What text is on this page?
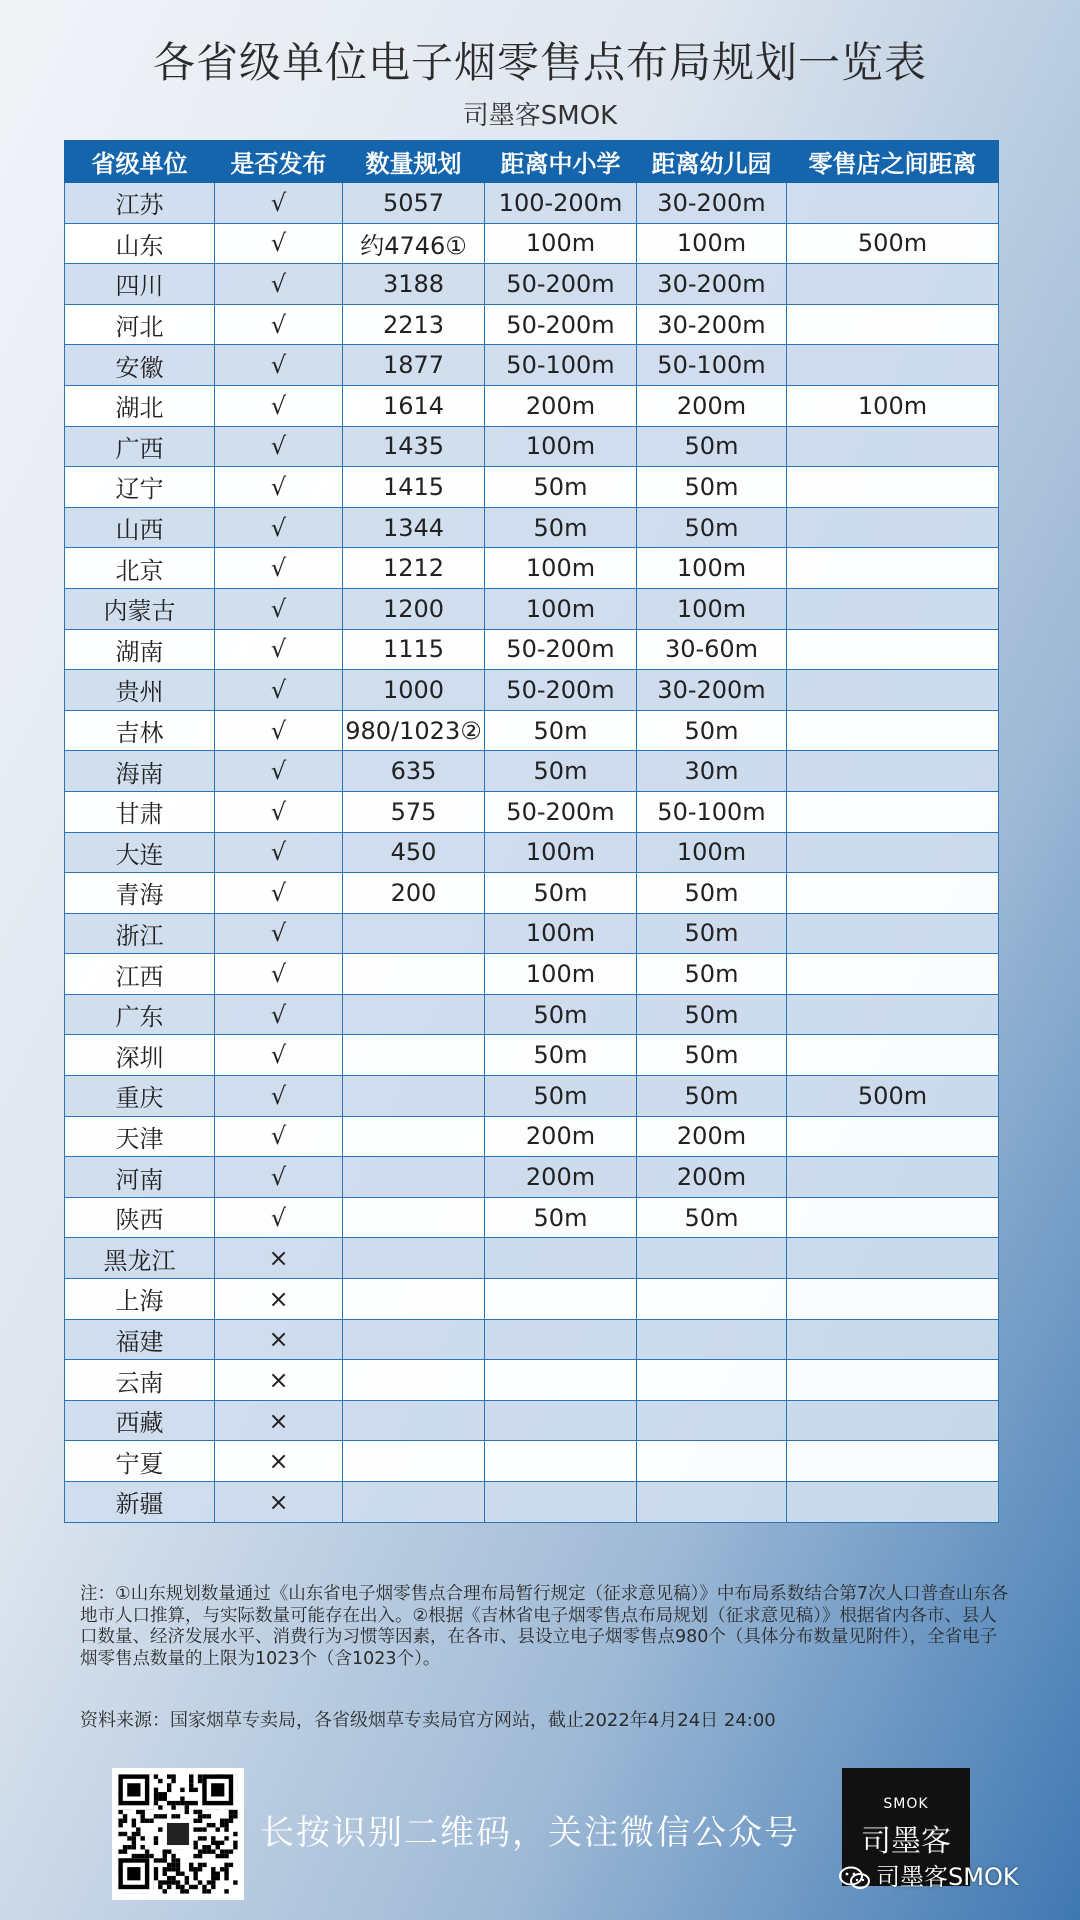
各省级单位电子烟零售点布局规划一览表
司墨客SMOK
省级单位	是否发布	数量规划	距离中小学	距离幼儿园	零售店之间距离
江苏	√	5057	100-200m	30-200m	
山东	√	约4746①	100m	100m	500m
四川	√	3188	50-200m	30-200m	
河北	√	2213	50-200m	30-200m	
安徽	√	1877	50-100m	50-100m	
湖北	√	1614	200m	200m	100m
广西	√	1435	100m	50m	
辽宁	√	1415	50m	50m	
山西	√	1344	50m	50m	
北京	√	1212	100m	100m	
内蒙古	√	1200	100m	100m	
湖南	√	1115	50-200m	30-60m	
贵州	√	1000	50-200m	30-200m	
吉林	√	980/1023②	50m	50m	
海南	√	635	50m	30m	
甘肃	√	575	50-200m	50-100m	
大连	√	450	100m	100m	
青海	√	200	50m	50m	
浙江	√		100m	50m	
江西	√		100m	50m	
广东	√		50m	50m	
深圳	√		50m	50m	
重庆	√		50m	50m	500m
天津	√		200m	200m	
河南	√		200m	200m	
陕西	√		50m	50m	
黑龙江	×				
上海	×				
福建	×				
云南	×				
西藏	×				
宁夏	×				
新疆	×				
注：①山东规划数量通过《山东省电子烟零售点合理布局暂行规定（征求意见稿）》中布局系数结合第7次人口普查山东各地市人口推算，与实际数量可能存在出入。②根据《吉林省电子烟零售点布局规划（征求意见稿）》根据省内各市、县人口数量、经济发展水平、消费行为习惯等因素，在各市、县设立电子烟零售点980个（具体分布数量见附件），全省电子烟零售点数量的上限为1023个（含1023个）。
资料来源：国家烟草专卖局，各省级烟草专卖局官方网站，截止2022年4月24日 24:00
长按识别二维码，关注微信公众号
SMOK
司墨客
司墨客SMOK
